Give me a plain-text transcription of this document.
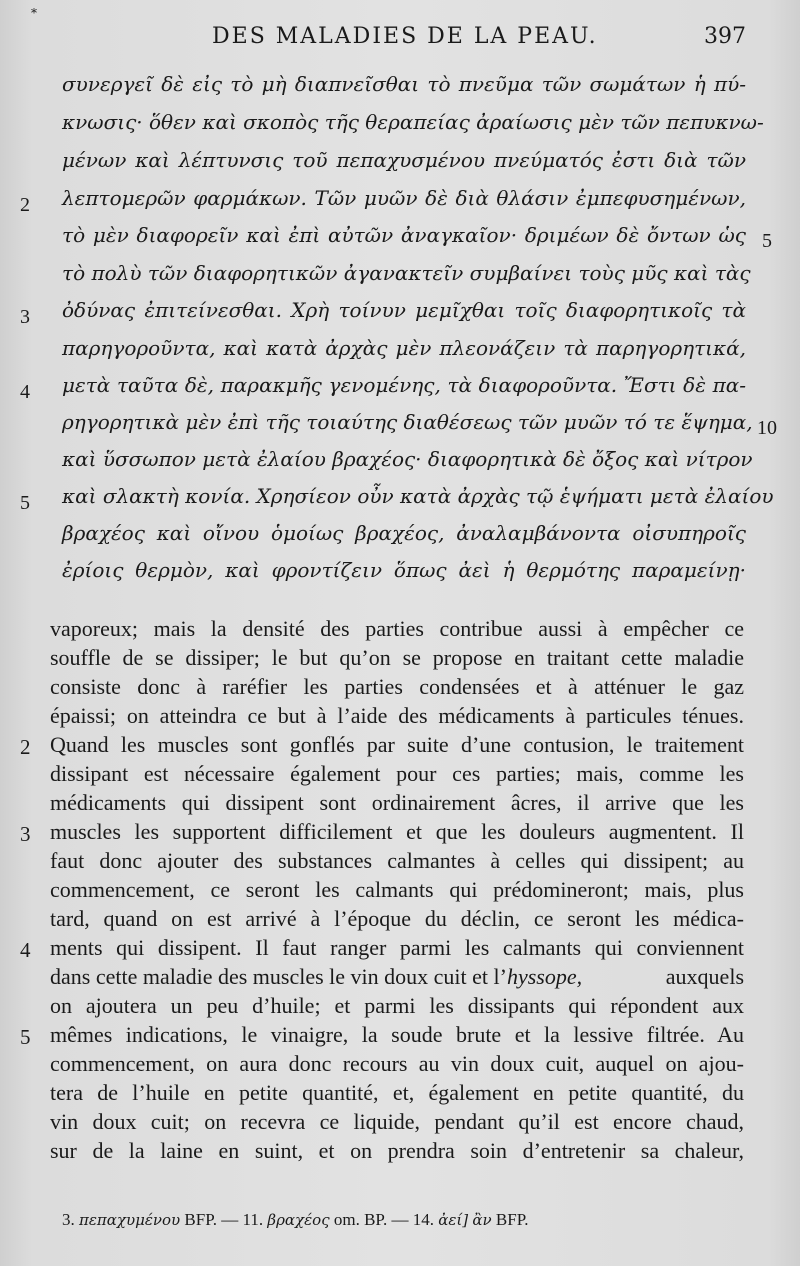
*
DES MALADIES DE LA PEAU.	397
συνεργεῖ δὲ εἰς τὸ μὴ διαπνεῖσθαι τὸ πνεῦμα τῶν σωμάτων ἡ πύ-
κνωσις· ὅθεν καὶ σκοπὸς τῆς θεραπείας ἀραίωσις μὲν τῶν πεπυκνω-
μένων καὶ λέπτυνσις τοῦ πεπαχυσμένου πνεύματός ἐστι διὰ τῶν
λεπτομερῶν φαρμάκων. Τῶν μυῶν δὲ διὰ θλάσιν ἐμπεφυσημένων,
τὸ μὲν διαφορεῖν καὶ ἐπὶ αὐτῶν ἀναγκαῖον· δριμέων δὲ ὄντων ὡς
τὸ πολὺ τῶν διαφορητικῶν ἀγανακτεῖν συμβαίνει τοὺς μῦς καὶ τὰς
ὀδύνας ἐπιτείνεσθαι. Χρὴ τοίνυν μεμῖχθαι τοῖς διαφορητικοῖς τὰ
παρηγοροῦντα, καὶ κατὰ ἀρχὰς μὲν πλεονάζειν τὰ παρηγορητικά,
μετὰ ταῦτα δὲ, παρακμῆς γενομένης, τὰ διαφοροῦντα. Ἔστι δὲ πα-
ρηγορητικὰ μὲν ἐπὶ τῆς τοιαύτης διαθέσεως τῶν μυῶν τό τε ἕψημα,
καὶ ὕσσωπον μετὰ ἐλαίου βραχέος· διαφορητικὰ δὲ ὄξος καὶ νίτρον
καὶ σλακτὴ κονία. Χρησίεον οὖν κατὰ ἀρχὰς τῷ ἑψήματι μετὰ ἐλαίου
βραχέος καὶ οἴνου ὁμοίως βραχέος, ἀναλαμβάνοντα οἰσυπηροῖς
ἐρίοις θερμὸν, καὶ φροντίζειν ὅπως ἀεὶ ἡ θερμότης παραμείνῃ·
2
3
4
5
5
10
vaporeux; mais la densité des parties contribue aussi à empêcher ce
souffle de se dissiper; le but qu’on se propose en traitant cette maladie
consiste donc à raréfier les parties condensées et à atténuer le gaz
épaissi; on atteindra ce but à l’aide des médicaments à particules ténues.
Quand les muscles sont gonflés par suite d’une contusion, le traitement
dissipant est nécessaire également pour ces parties; mais, comme les
médicaments qui dissipent sont ordinairement âcres, il arrive que les
muscles les supportent difficilement et que les douleurs augmentent. Il
faut donc ajouter des substances calmantes à celles qui dissipent; au
commencement, ce seront les calmants qui prédomineront; mais, plus
tard, quand on est arrivé à l’époque du déclin, ce seront les médica-
ments qui dissipent. Il faut ranger parmi les calmants qui conviennent
dans cette maladie des muscles le vin doux cuit et l’hyssope,	auxquels
on ajoutera un peu d’huile; et parmi les dissipants qui répondent aux
mêmes indications, le vinaigre, la soude brute et la lessive filtrée. Au
commencement, on aura donc recours au vin doux cuit, auquel on ajou-
tera de l’huile en petite quantité, et, également en petite quantité, du
vin doux cuit; on recevra ce liquide, pendant qu’il est encore chaud,
sur de la laine en suint, et on prendra soin d’entretenir sa chaleur,
2
3
4
5
3. πεπαχυμένου BFP. — 11. βραχέος om. BP. — 14. ἀεί] ἂν BFP.
